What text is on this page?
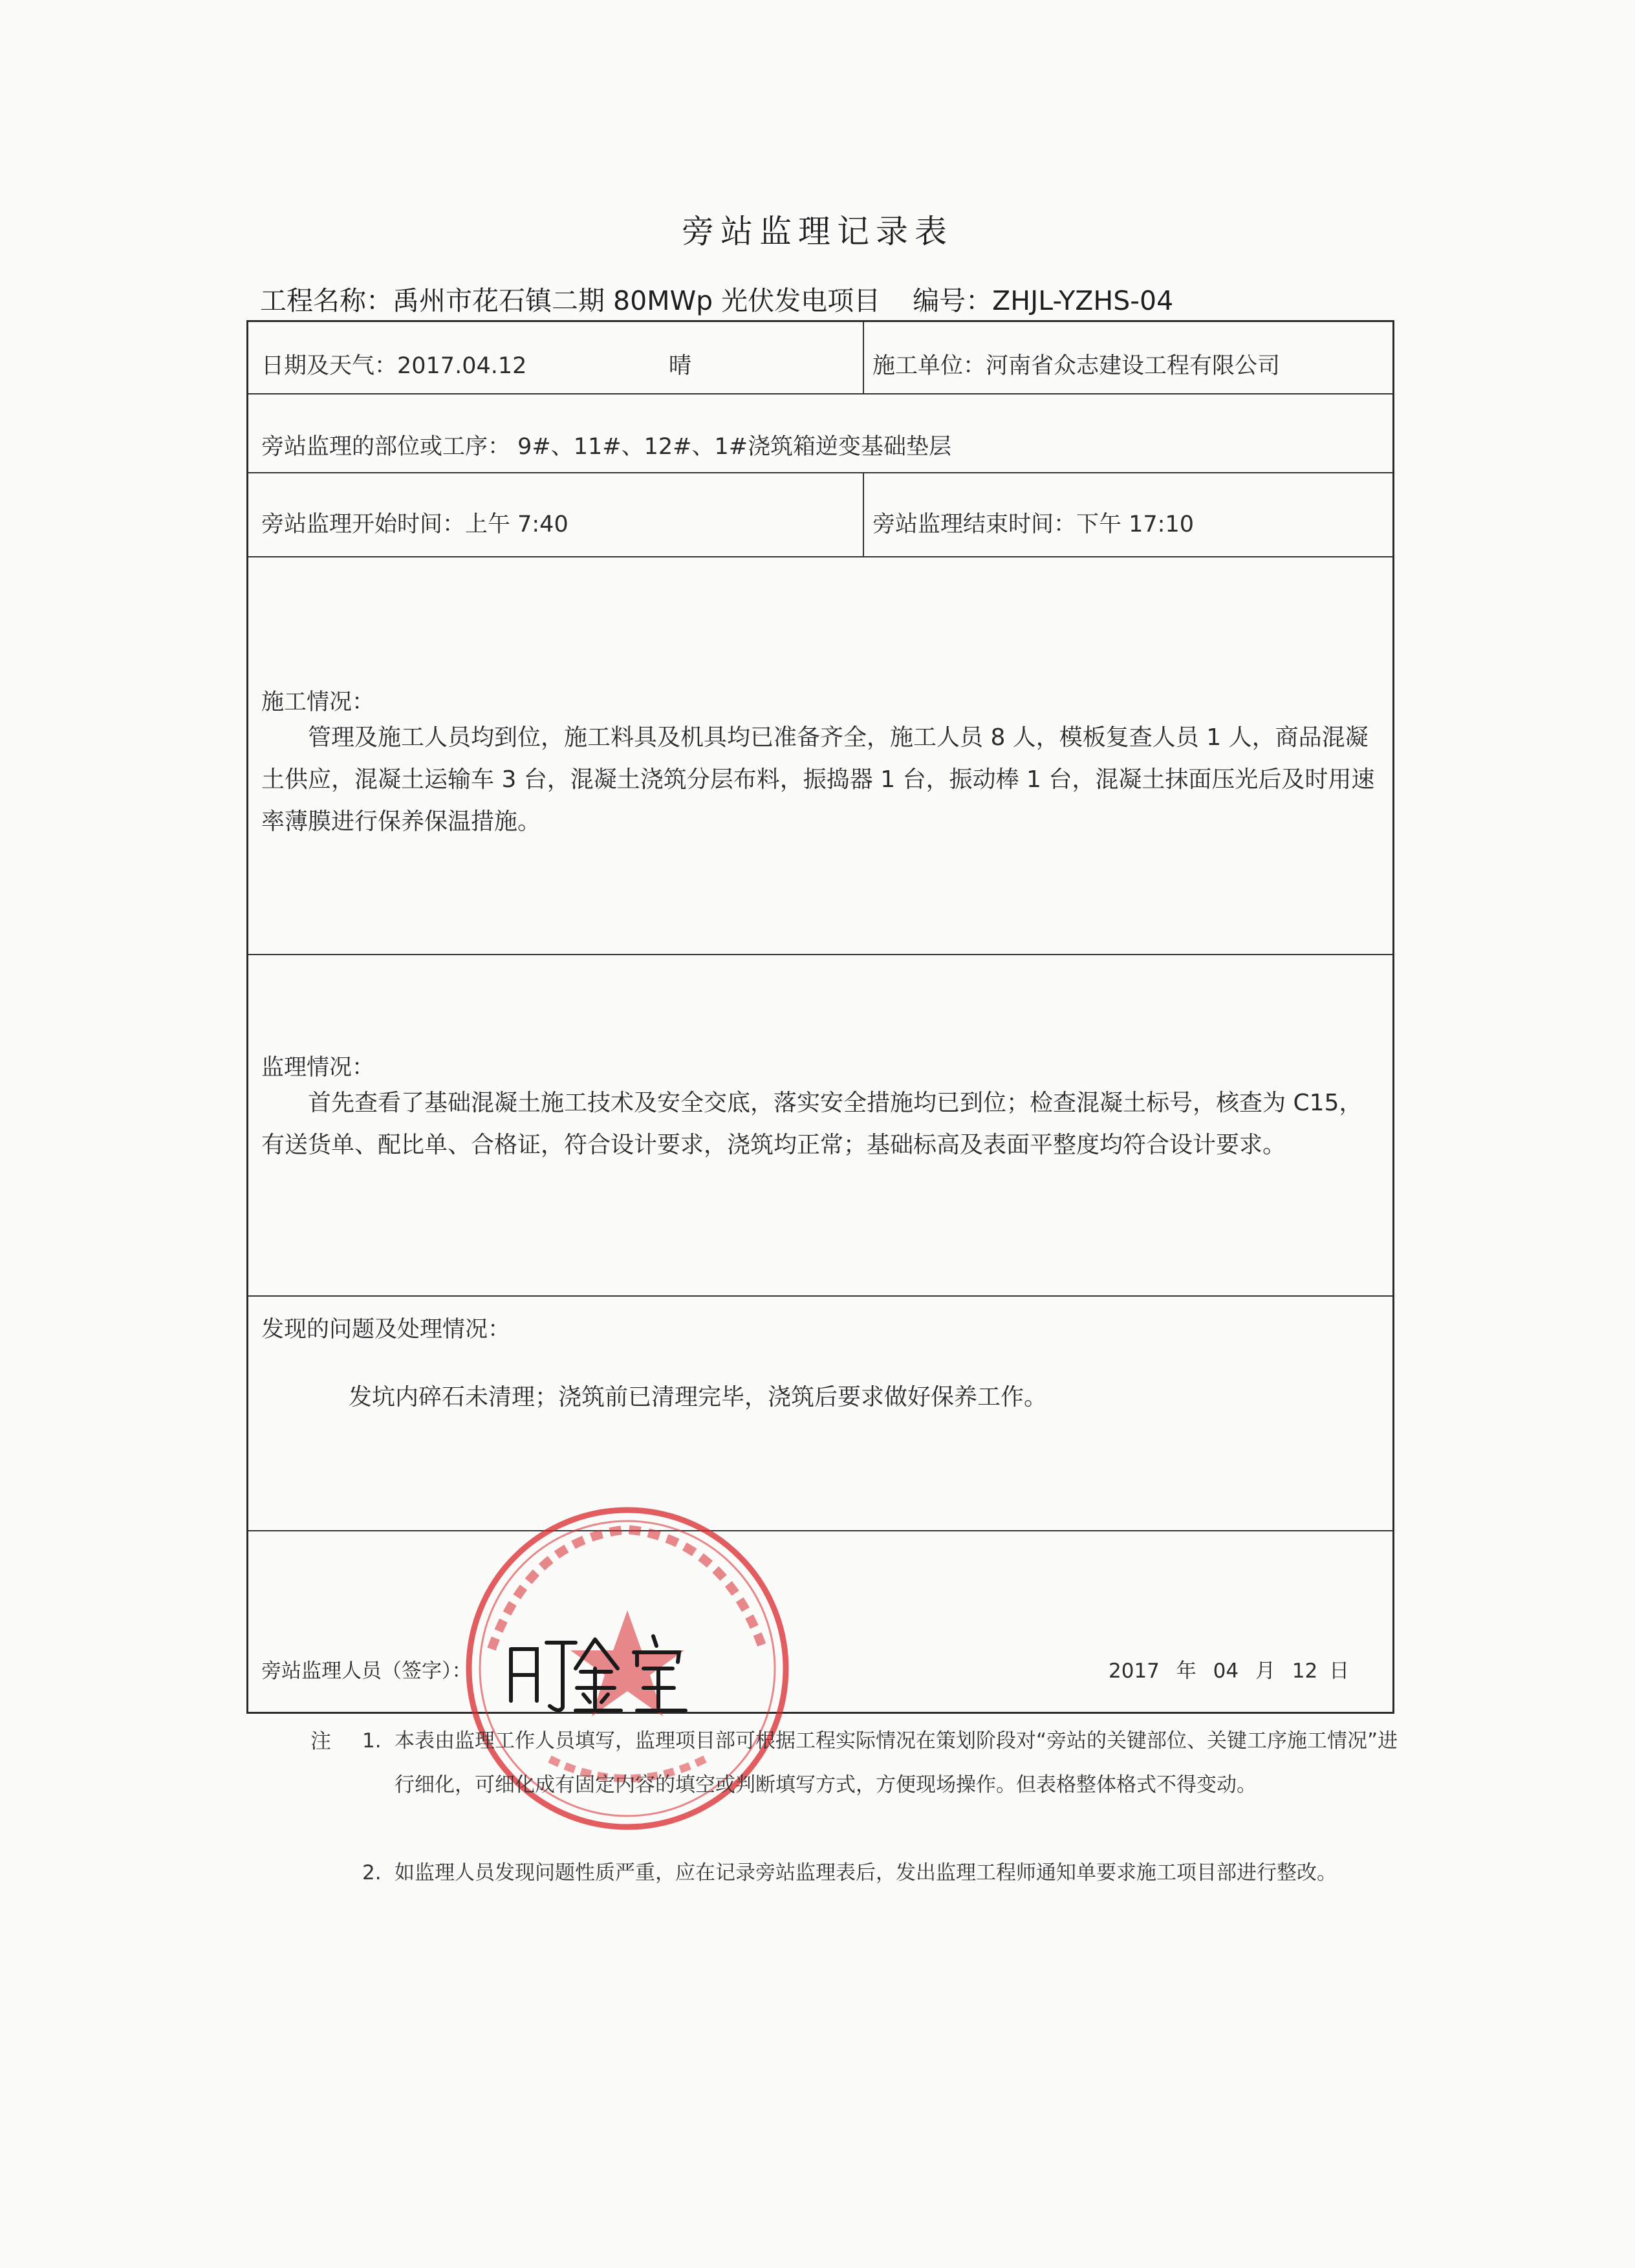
旁站监理记录表
工程名称：禹州市花石镇二期 80MWp 光伏发电项目 编号：ZHJL-YZHS-04
日期及天气：2017.04.12	晴	施工单位：河南省众志建设工程有限公司
旁站监理的部位或工序： 9#、11#、12#、1#浇筑箱逆变基础垫层
旁站监理开始时间：上午 7:40	旁站监理结束时间：下午 17:10
施工情况：
管理及施工人员均到位，施工料具及机具均已准备齐全，施工人员 8 人，模板复查人员 1 人，商品混凝土供应，混凝土运输车 3 台，混凝土浇筑分层布料，振捣器 1 台，振动棒 1 台，混凝土抹面压光后及时用速率薄膜进行保养保温措施。
监理情况：
首先查看了基础混凝土施工技术及安全交底，落实安全措施均已到位；检查混凝土标号，核查为 C15，有送货单、配比单、合格证，符合设计要求，浇筑均正常；基础标高及表面平整度均符合设计要求。
发现的问题及处理情况：
发坑内碎石未清理；浇筑前已清理完毕，浇筑后要求做好保养工作。
旁站监理人员（签字）：	2017 年 04 月 12 日
注 1. 本表由监理工作人员填写，监理项目部可根据工程实际情况在策划阶段对“旁站的关键部位、关键工序施工情况”进行细化，可细化成有固定内容的填空或判断填写方式，方便现场操作。但表格整体格式不得变动。
2. 如监理人员发现问题性质严重，应在记录旁站监理表后，发出监理工程师通知单要求施工项目部进行整改。
